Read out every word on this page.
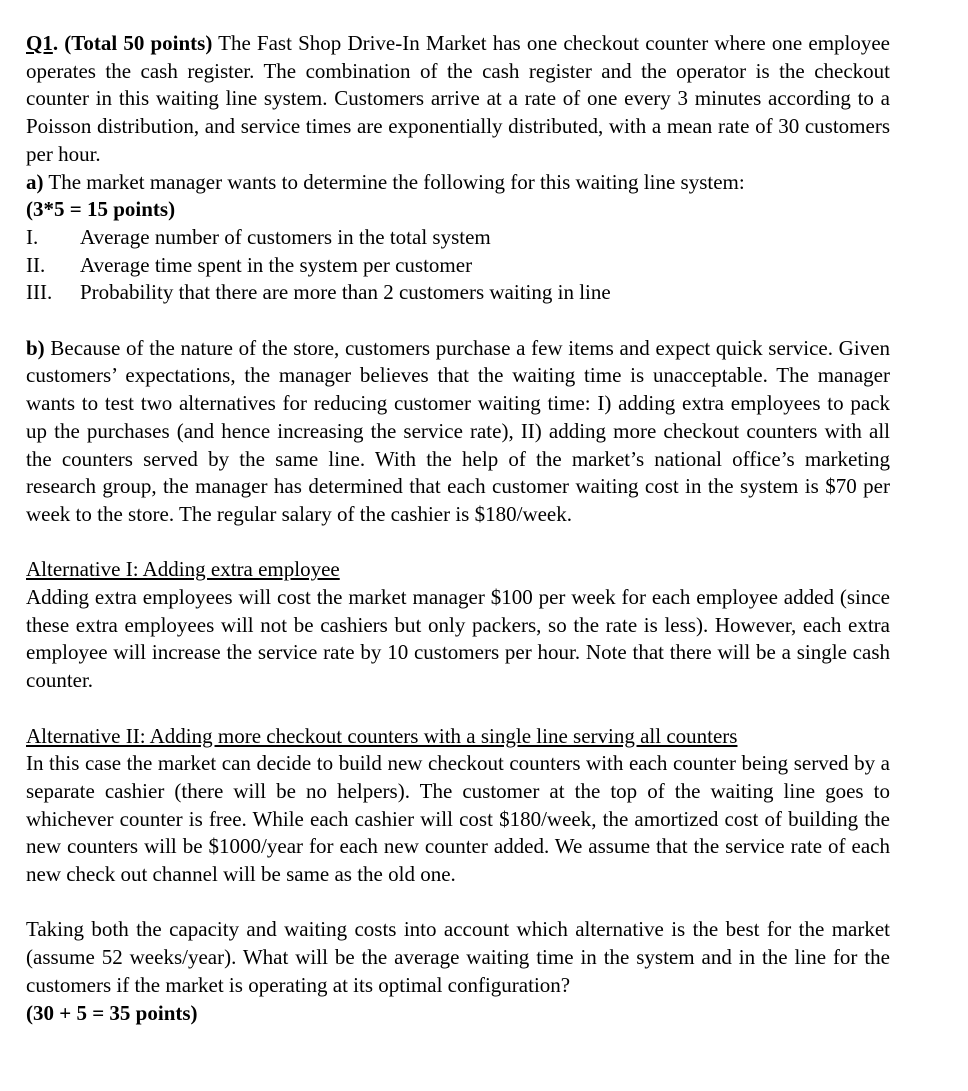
Q1. (Total 50 points) The Fast Shop Drive-In Market has one checkout counter where one employee operates the cash register. The combination of the cash register and the operator is the checkout counter in this waiting line system. Customers arrive at a rate of one every 3 minutes according to a Poisson distribution, and service times are exponentially distributed, with a mean rate of 30 customers per hour.

a) The market manager wants to determine the following for this waiting line system:

(3*5 = 15 points)

I.	Average number of customers in the total system
II.	Average time spent in the system per customer
III.	Probability that there are more than 2 customers waiting in line

b) Because of the nature of the store, customers purchase a few items and expect quick service. Given customers’ expectations, the manager believes that the waiting time is unacceptable. The manager wants to test two alternatives for reducing customer waiting time: I) adding extra employees to pack up the purchases (and hence increasing the service rate), II) adding more checkout counters with all the counters served by the same line. With the help of the market’s national office’s marketing research group, the manager has determined that each customer waiting cost in the system is $70 per week to the store. The regular salary of the cashier is $180/week.

Alternative I: Adding extra employee

Adding extra employees will cost the market manager $100 per week for each employee added (since these extra employees will not be cashiers but only packers, so the rate is less). However, each extra employee will increase the service rate by 10 customers per hour. Note that there will be a single cash counter.

Alternative II: Adding more checkout counters with a single line serving all counters

In this case the market can decide to build new checkout counters with each counter being served by a separate cashier (there will be no helpers). The customer at the top of the waiting line goes to whichever counter is free. While each cashier will cost $180/week, the amortized cost of building the new counters will be $1000/year for each new counter added. We assume that the service rate of each new check out channel will be same as the old one.

Taking both the capacity and waiting costs into account which alternative is the best for the market (assume 52 weeks/year). What will be the average waiting time in the system and in the line for the customers if the market is operating at its optimal configuration?

(30 + 5 = 35 points)
